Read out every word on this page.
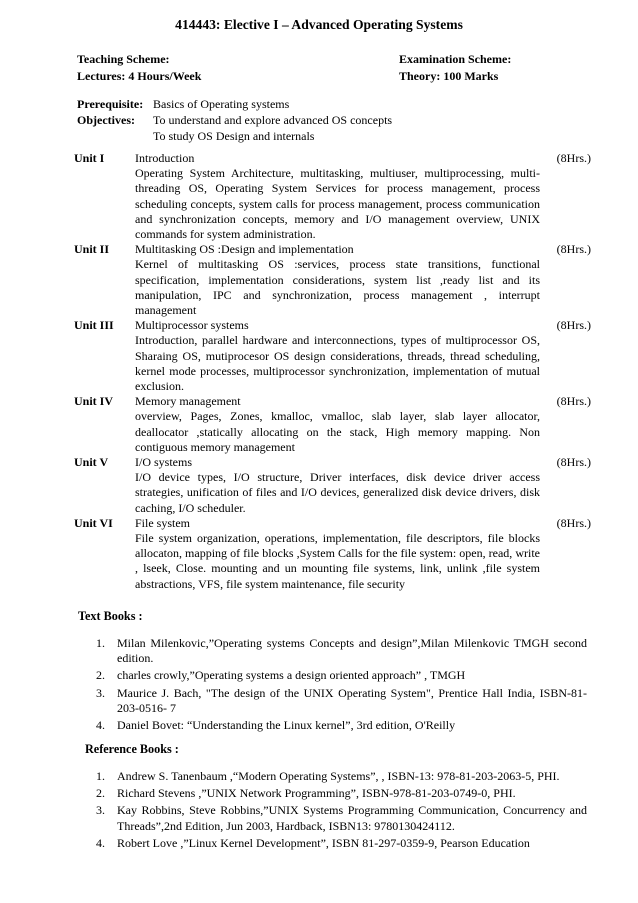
414443: Elective I – Advanced Operating Systems
Teaching Scheme:	Examination Scheme:
Lectures: 4 Hours/Week	Theory: 100 Marks
Prerequisite: Basics of Operating systems
Objectives:	To understand and explore advanced OS concepts
To study OS Design and internals
Unit I	Introduction
Operating System Architecture, multitasking, multiuser, multiprocessing, multi- threading OS, Operating System Services for process management, process scheduling concepts, system calls for process management, process communication and synchronization concepts, memory and I/O management overview, UNIX commands for system administration.
(8Hrs.)
Unit II	Multitasking OS :Design and implementation
Kernel of multitasking OS :services, process state transitions, functional specification, implementation considerations, system list ,ready list and its manipulation, IPC and synchronization, process management , interrupt management
(8Hrs.)
Unit III	Multiprocessor systems
Introduction, parallel hardware and interconnections, types of multiprocessor OS, Sharaing OS, mutiprocesor OS design considerations, threads, thread scheduling, kernel mode processes, multiprocessor synchronization, implementation of mutual exclusion.
(8Hrs.)
Unit IV	Memory management
overview, Pages, Zones, kmalloc, vmalloc, slab layer, slab layer allocator, deallocator ,statically allocating on the stack, High memory mapping. Non contiguous memory management
(8Hrs.)
Unit V	I/O systems
I/O device types, I/O structure, Driver interfaces, disk device driver access strategies, unification of files and I/O devices, generalized disk device drivers, disk caching, I/O scheduler.
(8Hrs.)
Unit VI	File system
File system organization, operations, implementation, file descriptors, file blocks allocaton, mapping of file blocks ,System Calls for the file system: open, read, write , lseek, Close. mounting and un mounting file systems, link, unlink ,file system abstractions, VFS, file system maintenance, file security
(8Hrs.)
Text Books :
1.	Milan Milenkovic,”Operating systems Concepts and design”,Milan Milenkovic TMGH second edition.
2.	charles crowly,”Operating systems a design oriented approach” , TMGH
3.	Maurice J. Bach, "The design of the UNIX Operating System", Prentice Hall India, ISBN-81-203-0516- 7
4.	Daniel Bovet: “Understanding the Linux kernel”, 3rd edition, O'Reilly
Reference Books :
1.	Andrew S. Tanenbaum ,“Modern Operating Systems”, , ISBN-13: 978-81-203-2063-5, PHI.
2.	Richard Stevens ,”UNIX Network Programming”, ISBN-978-81-203-0749-0, PHI.
3.	Kay Robbins, Steve Robbins,”UNIX Systems Programming Communication, Concurrency and Threads”,2nd Edition, Jun 2003, Hardback, ISBN13: 9780130424112.
4.	Robert Love ,”Linux Kernel Development”, ISBN 81-297-0359-9, Pearson Education
